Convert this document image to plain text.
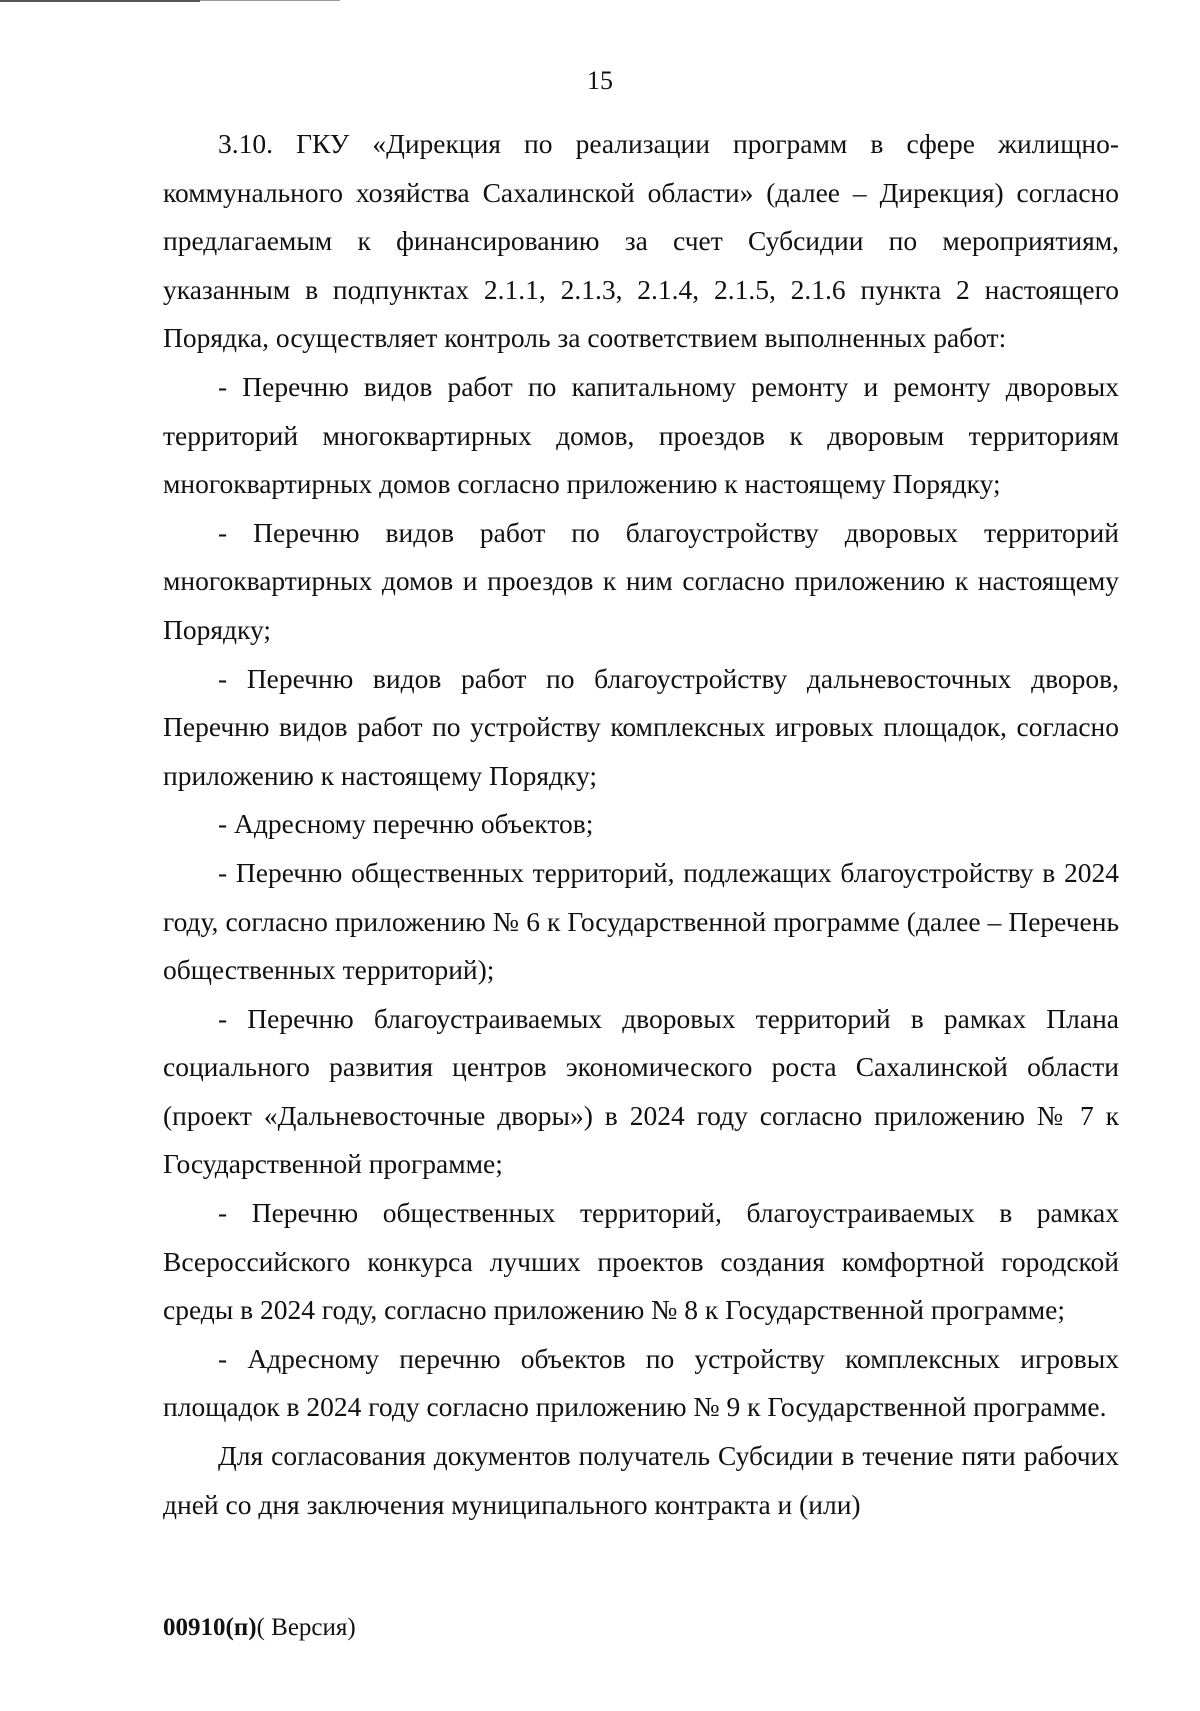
15

3.10. ГКУ «Дирекция по реализации программ в сфере жилищно-коммунального хозяйства Сахалинской области» (далее – Дирекция) согласно предлагаемым к финансированию за счет Субсидии по мероприятиям, указанным в подпунктах 2.1.1, 2.1.3, 2.1.4, 2.1.5, 2.1.6 пункта 2 настоящего Порядка, осуществляет контроль за соответствием выполненных работ:

- Перечню видов работ по капитальному ремонту и ремонту дворовых территорий многоквартирных домов, проездов к дворовым территориям многоквартирных домов согласно приложению к настоящему Порядку;

- Перечню видов работ по благоустройству дворовых территорий многоквартирных домов и проездов к ним согласно приложению к настоящему Порядку;

- Перечню видов работ по благоустройству дальневосточных дворов, Перечню видов работ по устройству комплексных игровых площадок, согласно приложению к настоящему Порядку;

- Адресному перечню объектов;

- Перечню общественных территорий, подлежащих благоустройству в 2024 году, согласно приложению № 6 к Государственной программе (далее – Перечень общественных территорий);

- Перечню благоустраиваемых дворовых территорий в рамках Плана социального развития центров экономического роста Сахалинской области (проект «Дальневосточные дворы») в 2024 году согласно приложению № 7 к Государственной программе;

- Перечню общественных территорий, благоустраиваемых в рамках Всероссийского конкурса лучших проектов создания комфортной городской среды в 2024 году, согласно приложению № 8 к Государственной программе;

- Адресному перечню объектов по устройству комплексных игровых площадок в 2024 году согласно приложению № 9 к Государственной программе.

Для согласования документов получатель Субсидии в течение пяти рабочих дней со дня заключения муниципального контракта и (или)

00910(п)( Версия)
